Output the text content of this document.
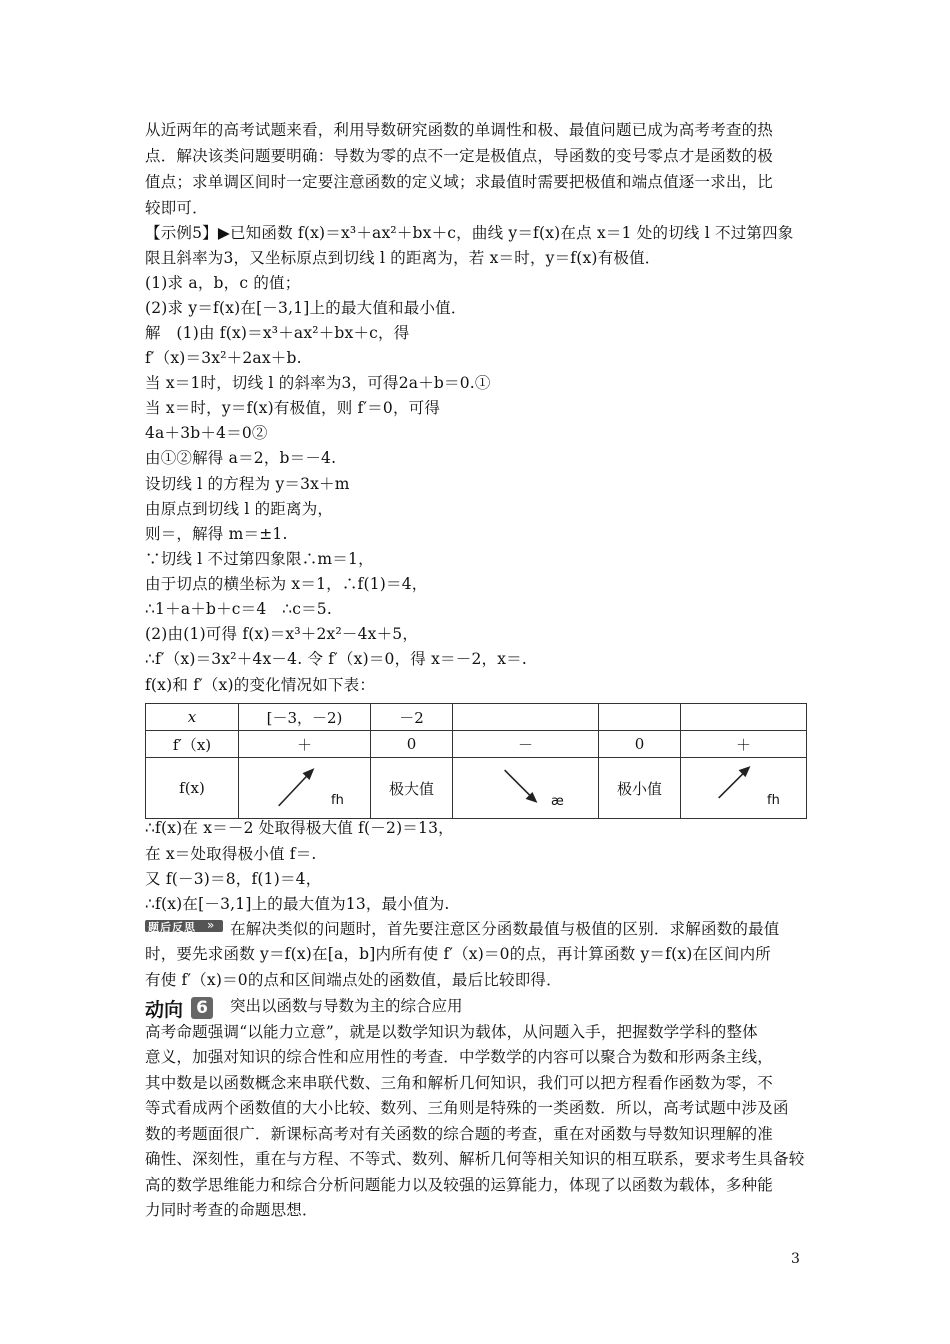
从近两年的高考试题来看，利用导数研究函数的单调性和极、最值问题已成为高考考查的热
点．解决该类问题要明确：导数为零的点不一定是极值点，导函数的变号零点才是函数的极
值点；求单调区间时一定要注意函数的定义域；求最值时需要把极值和端点值逐一求出，比
较即可．
【示例5】▶已知函数 f(x)＝x³＋ax²＋bx＋c，曲线 y＝f(x)在点 x＝1 处的切线 l 不过第四象
限且斜率为3，又坐标原点到切线 l 的距离为，若 x＝时，y＝f(x)有极值．
(1)求 a，b，c 的值；
(2)求 y＝f(x)在[－3,1]上的最大值和最小值．
解　(1)由 f(x)＝x³＋ax²＋bx＋c，得
f′（x)＝3x²＋2ax＋b.
当 x＝1时，切线 l 的斜率为3，可得2a＋b＝0.①
当 x＝时，y＝f(x)有极值，则 f′＝0，可得
4a＋3b＋4＝0②
由①②解得 a＝2，b＝－4.
设切线 l 的方程为 y＝3x＋m
由原点到切线 l 的距离为，
则＝，解得 m＝±1.
∵切线 l 不过第四象限∴m＝1，
由于切点的横坐标为 x＝1，∴f(1)＝4，
∴1＋a＋b＋c＝4　∴c＝5.
(2)由(1)可得 f(x)＝x³＋2x²－4x＋5，
∴f′（x)＝3x²＋4x－4. 令 f′（x)＝0，得 x＝－2，x＝.
f(x)和 f′（x)的变化情况如下表：
x	[－3，－2)	－2			
f′（x)	＋	0	－	0	＋
f(x)	fh	极大值	æ	极小值	fh
∴f(x)在 x＝－2 处取得极大值 f(－2)＝13，
在 x＝处取得极小值 f＝.
又 f(－3)＝8，f(1)＝4，
∴f(x)在[－3,1]上的最大值为13，最小值为.
题后反思 » 在解决类似的问题时，首先要注意区分函数最值与极值的区别．求解函数的最值
时，要先求函数 y＝f(x)在[a，b]内所有使 f′（x)＝0的点，再计算函数 y＝f(x)在区间内所
有使 f′（x)＝0的点和区间端点处的函数值，最后比较即得．
动向 6	突出以函数与导数为主的综合应用
高考命题强调“以能力立意”，就是以数学知识为载体，从问题入手，把握数学学科的整体
意义，加强对知识的综合性和应用性的考查．中学数学的内容可以聚合为数和形两条主线，
其中数是以函数概念来串联代数、三角和解析几何知识，我们可以把方程看作函数为零，不
等式看成两个函数值的大小比较、数列、三角则是特殊的一类函数．所以，高考试题中涉及函
数的考题面很广．新课标高考对有关函数的综合题的考查，重在对函数与导数知识理解的准
确性、深刻性，重在与方程、不等式、数列、解析几何等相关知识的相互联系，要求考生具备较
高的数学思维能力和综合分析问题能力以及较强的运算能力，体现了以函数为载体，多种能
力同时考查的命题思想．
3
